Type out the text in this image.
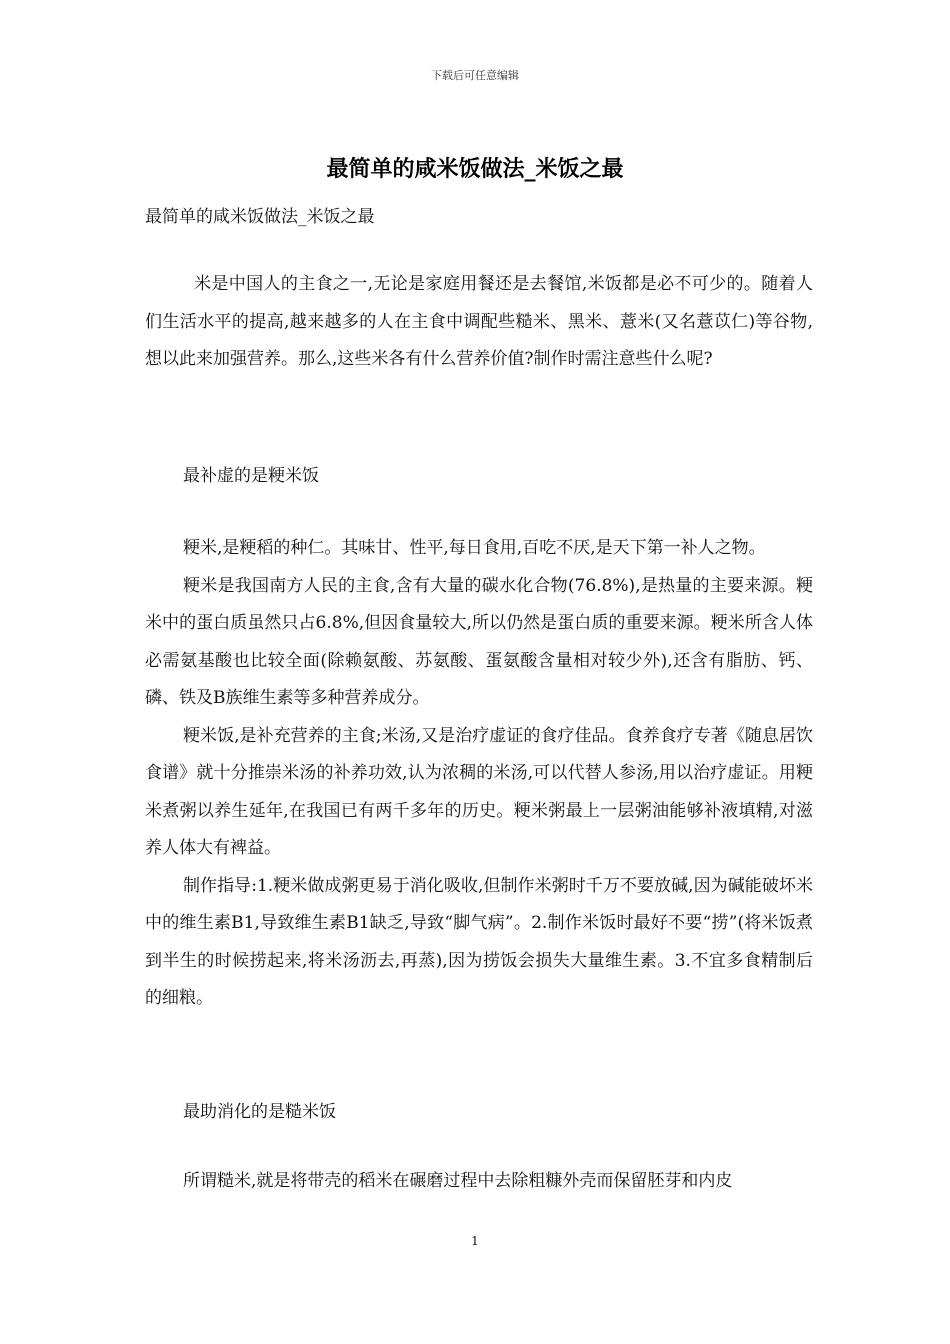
下载后可任意编辑
最简单的咸米饭做法_米饭之最
最简单的咸米饭做法_米饭之最

米是中国人的主食之一,无论是家庭用餐还是去餐馆,米饭都是必不可少的。随着人们生活水平的提高,越来越多的人在主食中调配些糙米、黑米、薏米(又名薏苡仁)等谷物,想以此来加强营养。那么,这些米各有什么营养价值?制作时需注意些什么呢?

最补虚的是粳米饭

粳米,是粳稻的种仁。其味甘、性平,每日食用,百吃不厌,是天下第一补人之物。

粳米是我国南方人民的主食,含有大量的碳水化合物(76.8%),是热量的主要来源。粳米中的蛋白质虽然只占6.8%,但因食量较大,所以仍然是蛋白质的重要来源。粳米所含人体必需氨基酸也比较全面(除赖氨酸、苏氨酸、蛋氨酸含量相对较少外),还含有脂肪、钙、磷、铁及B族维生素等多种营养成分。

粳米饭,是补充营养的主食;米汤,又是治疗虚证的食疗佳品。食养食疗专著《随息居饮食谱》就十分推崇米汤的补养功效,认为浓稠的米汤,可以代替人参汤,用以治疗虚证。用粳米煮粥以养生延年,在我国已有两千多年的历史。粳米粥最上一层粥油能够补液填精,对滋养人体大有裨益。

制作指导:1.粳米做成粥更易于消化吸收,但制作米粥时千万不要放碱,因为碱能破坏米中的维生素B1,导致维生素B1缺乏,导致“脚气病”。2.制作米饭时最好不要“捞”(将米饭煮到半生的时候捞起来,将米汤沥去,再蒸),因为捞饭会损失大量维生素。3.不宜多食精制后的细粮。

最助消化的是糙米饭

所谓糙米,就是将带壳的稻米在碾磨过程中去除粗糠外壳而保留胚芽和内皮

1
